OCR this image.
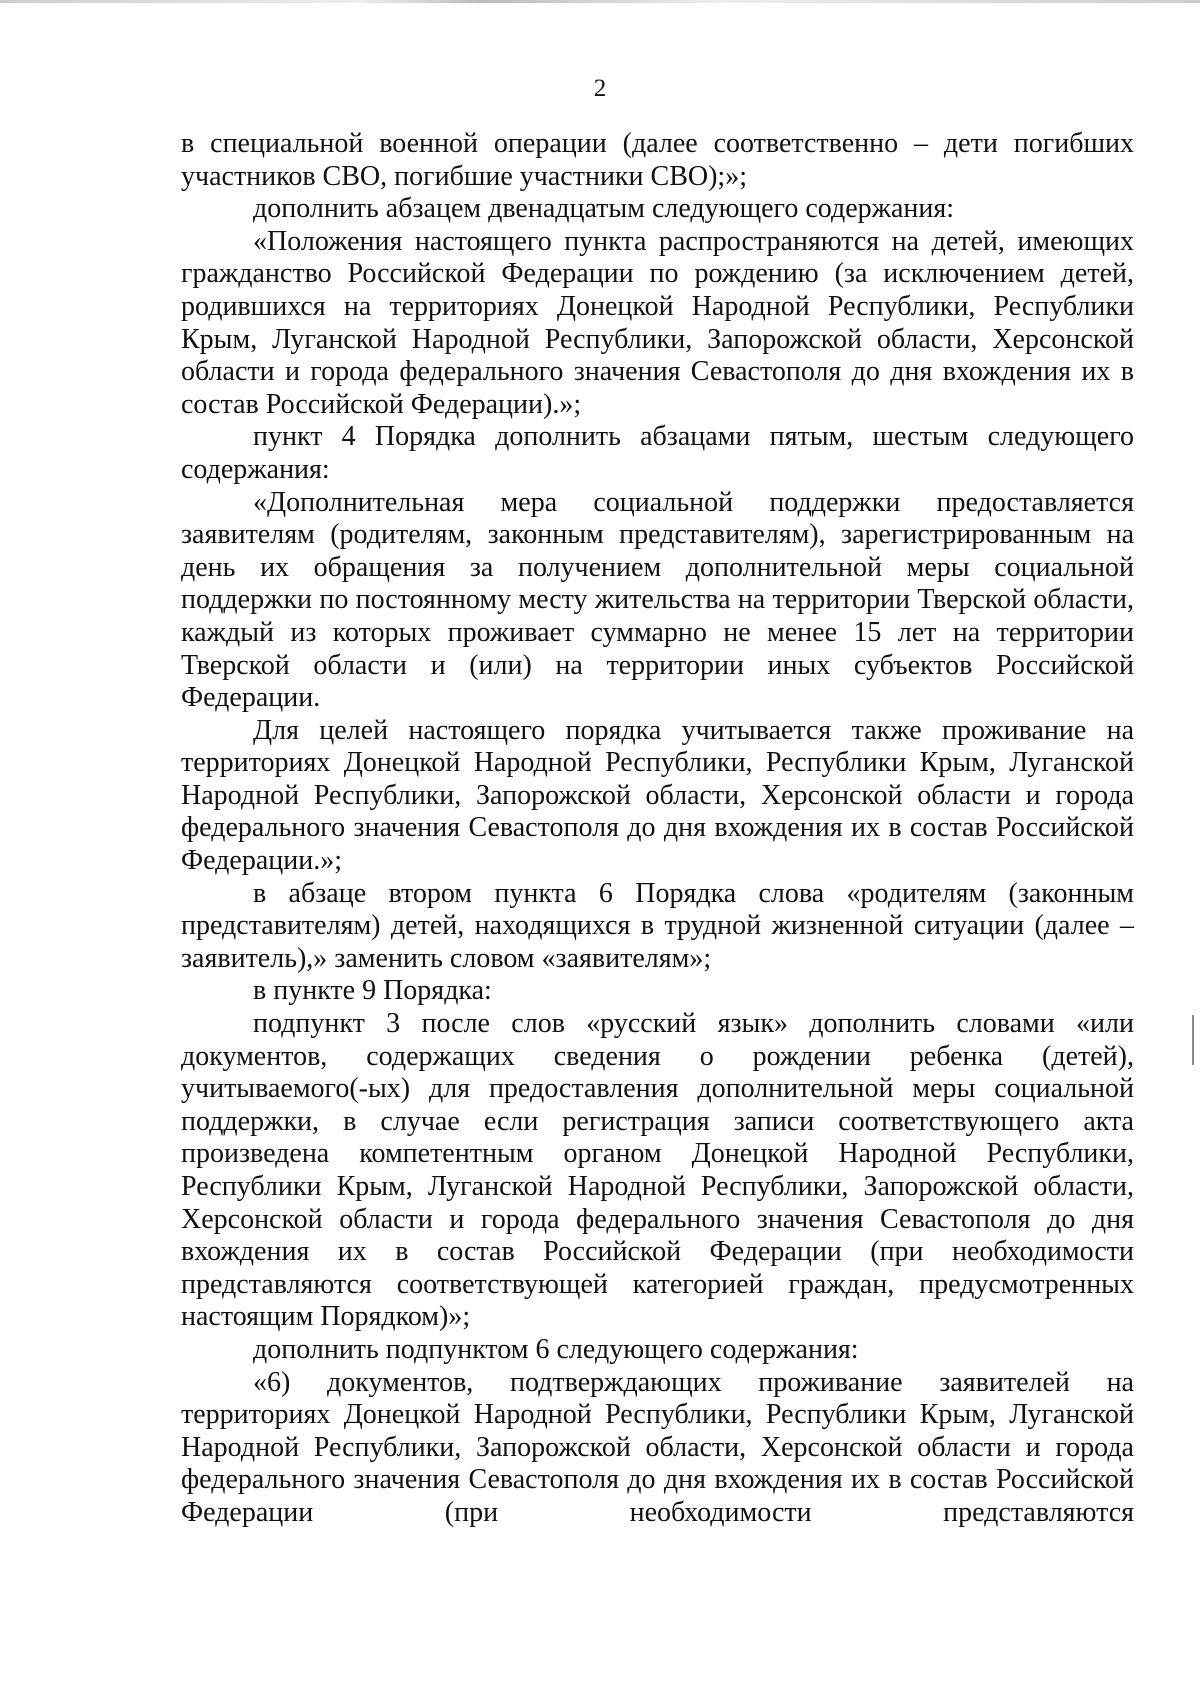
2

в специальной военной операции (далее соответственно – дети погибших участников СВО, погибшие участники СВО);»;

дополнить абзацем двенадцатым следующего содержания:

«Положения настоящего пункта распространяются на детей, имеющих гражданство Российской Федерации по рождению (за исключением детей, родившихся на территориях Донецкой Народной Республики, Республики Крым, Луганской Народной Республики, Запорожской области, Херсонской области и города федерального значения Севастополя до дня вхождения их в состав Российской Федерации).»;

пункт 4 Порядка дополнить абзацами пятым, шестым следующего содержания:

«Дополнительная мера социальной поддержки предоставляется заявителям (родителям, законным представителям), зарегистрированным на день их обращения за получением дополнительной меры социальной поддержки по постоянному месту жительства на территории Тверской области, каждый из которых проживает суммарно не менее 15 лет на территории Тверской области и (или) на территории иных субъектов Российской Федерации.

Для целей настоящего порядка учитывается также проживание на территориях Донецкой Народной Республики, Республики Крым, Луганской Народной Республики, Запорожской области, Херсонской области и города федерального значения Севастополя до дня вхождения их в состав Российской Федерации.»;

в абзаце втором пункта 6 Порядка слова «родителям (законным представителям) детей, находящихся в трудной жизненной ситуации (далее – заявитель),» заменить словом «заявителям»;

в пункте 9 Порядка:

подпункт 3 после слов «русский язык» дополнить словами «или документов, содержащих сведения о рождении ребенка (детей), учитываемого(-ых) для предоставления дополнительной меры социальной поддержки, в случае если регистрация записи соответствующего акта произведена компетентным органом Донецкой Народной Республики, Республики Крым, Луганской Народной Республики, Запорожской области, Херсонской области и города федерального значения Севастополя до дня вхождения их в состав Российской Федерации (при необходимости представляются соответствующей категорией граждан, предусмотренных настоящим Порядком)»;

дополнить подпунктом 6 следующего содержания:

«6) документов, подтверждающих проживание заявителей на территориях Донецкой Народной Республики, Республики Крым, Луганской Народной Республики, Запорожской области, Херсонской области и города федерального значения Севастополя до дня вхождения их в состав Российской Федерации (при необходимости представляются
